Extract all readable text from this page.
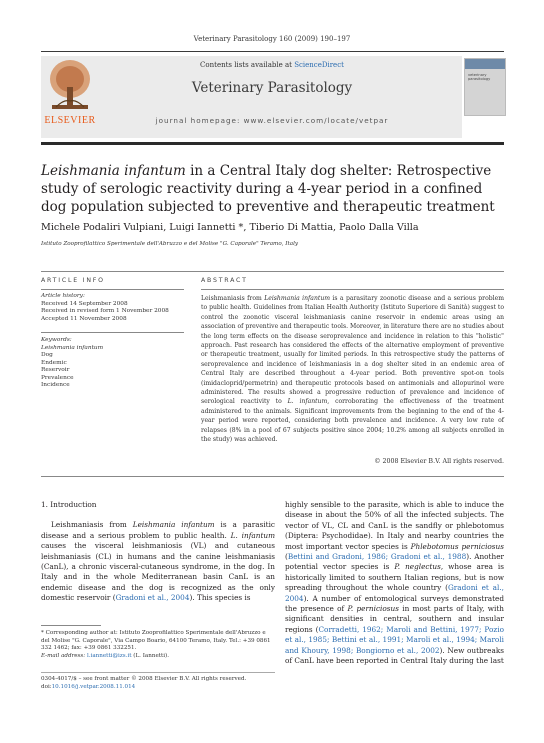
Veterinary Parasitology 160 (2009) 190–197
ELSEVIER
Contents lists available at ScienceDirect
Veterinary Parasitology
journal homepage: www.elsevier.com/locate/vetpar
veterinary parasitology
Leishmania infantum in a Central Italy dog shelter: Retrospective study of serologic reactivity during a 4-year period in a confined dog population subjected to preventive and therapeutic treatment
Michele Podaliri Vulpiani, Luigi Iannetti *, Tiberio Di Mattia, Paolo Dalla Villa
Istituto Zooprofilattico Sperimentale dell'Abruzzo e del Molise "G. Caporale" Teramo, Italy
ARTICLE INFO	ABSTRACT
Article history:
Received 14 September 2008
Received in revised form 1 November 2008
Accepted 11 November 2008
Keywords:
Leishmania infantum
Dog
Endemic
Reservoir
Prevalence
Incidence
Leishmaniasis from Leishmania infantum is a parasitary zoonotic disease and a serious problem to public health. Guidelines from Italian Health Authority (Istituto Superiore di Sanità) suggest to control the zoonotic visceral leishmaniasis canine reservoir in endemic areas using an association of preventive and therapeutic tools. Moreover, in literature there are no studies about the long term effects on the disease seroprevalence and incidence in relation to this "holistic" approach. Past research has considered the effects of the alternative employment of preventive or therapeutic treatment, usually for limited periods. In this retrospective study the patterns of seroprevalence and incidence of leishmaniasis in a dog shelter sited in an endemic area of Central Italy are described throughout a 4-year period. Both preventive spot-on tools (imidacloprid/permetrin) and therapeutic protocols based on antimonials and allopurinol were administered. The results showed a progressive reduction of prevalence and incidence of serological reactivity to L. infantum, corroborating the effectiveness of the treatment administered to the animals. Significant improvements from the beginning to the end of the 4-year period were reported, considering both prevalence and incidence. A very low rate of relapses (8% in a pool of 67 subjects positive since 2004; 10.2% among all subjects enrolled in the study) was achieved.
© 2008 Elsevier B.V. All rights reserved.

1. Introduction

Leishmaniasis from Leishmania infantum is a parasitic disease and a serious problem to public health. L. infantum causes the visceral leishmaniosis (VL) and cutaneous leishmaniasis (CL) in humans and the canine leishmaniasis (CanL), a chronic visceral-cutaneous syndrome, in the dog. In Italy and in the whole Mediterranean basin CanL is an endemic disease and the dog is recognized as the only domestic reservoir (Gradoni et al., 2004). This species is

highly sensible to the parasite, which is able to induce the disease in about the 50% of all the infected subjects. The vector of VL, CL and CanL is the sandfly or phlebotomus (Diptera: Psychodidae). In Italy and nearby countries the most important vector species is Phlebotomus perniciosus (Bettini and Gradoni, 1986; Gradoni et al., 1988). Another potential vector species is P. neglectus, whose area is historically limited to southern Italian regions, but is now spreading throughout the whole country (Gradoni et al., 2004). A number of entomological surveys demonstrated the presence of P. perniciosus in most parts of Italy, with significant densities in central, southern and insular regions (Corradetti, 1962; Maroli and Bettini, 1977; Pozio et al., 1985; Bettini et al., 1991; Maroli et al., 1994; Maroli and Khoury, 1998; Bongiorno et al., 2002). New outbreaks of CanL have been reported in Central Italy during the last

* Corresponding author at: Istituto Zooprofilattico Sperimentale dell'Abruzzo e del Molise "G. Caporale", Via Campo Boario, 64100 Teramo, Italy. Tel.: +39 0861 332 1462; fax: +39 0861 332251.
E-mail address: l.iannetti@izs.it (L. Iannetti).
0304-4017/$ – see front matter © 2008 Elsevier B.V. All rights reserved.
doi:10.1016/j.vetpar.2008.11.014
